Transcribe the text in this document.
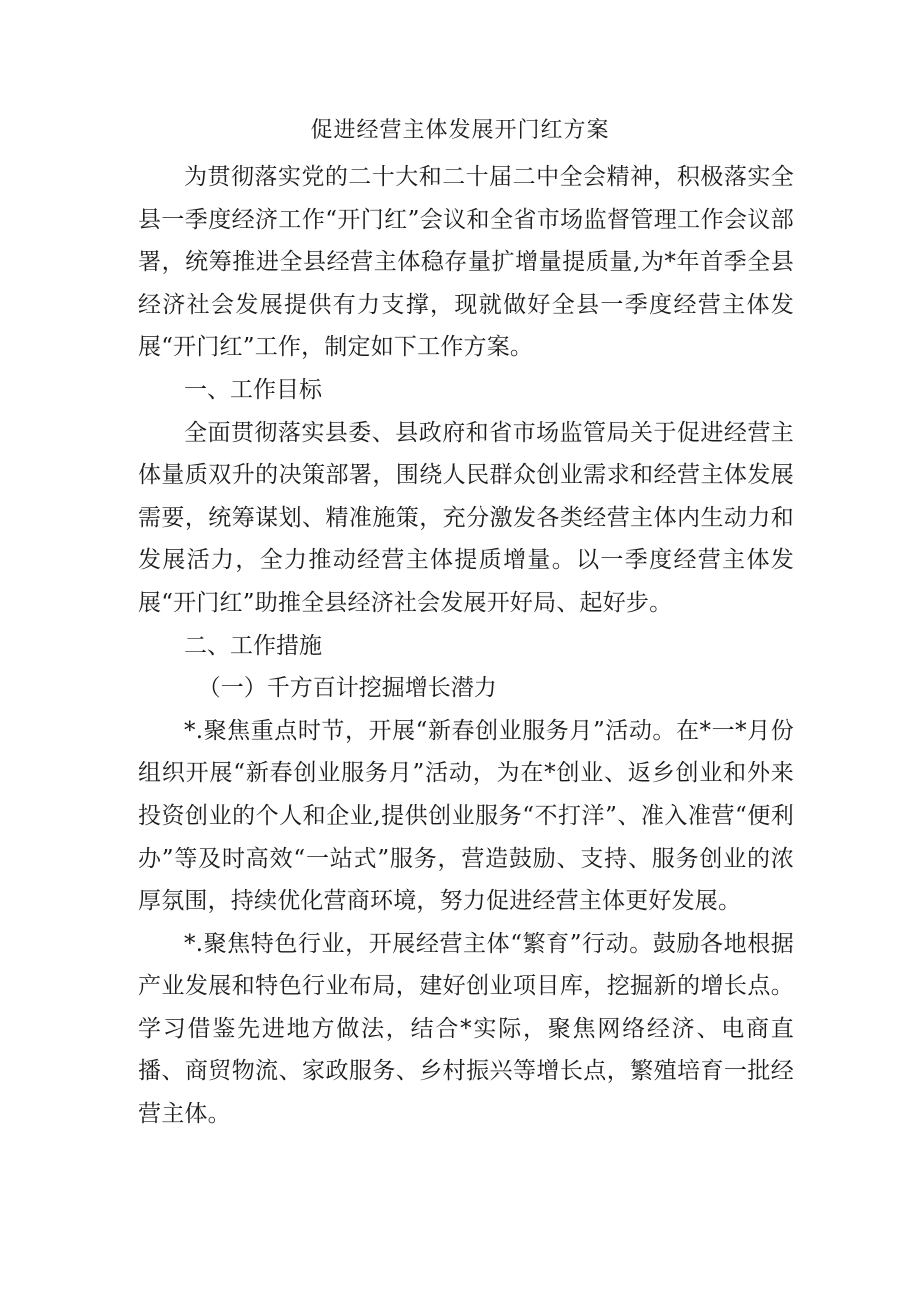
促进经营主体发展开门红方案

为贯彻落实党的二十大和二十届二中全会精神，积极落实全县一季度经济工作“开门红”会议和全省市场监督管理工作会议部署，统筹推进全县经营主体稳存量扩增量提质量,为*年首季全县经济社会发展提供有力支撑，现就做好全县一季度经营主体发展“开门红”工作，制定如下工作方案。

一、工作目标

全面贯彻落实县委、县政府和省市场监管局关于促进经营主体量质双升的决策部署，围绕人民群众创业需求和经营主体发展需要，统筹谋划、精准施策，充分激发各类经营主体内生动力和发展活力，全力推动经营主体提质增量。以一季度经营主体发展“开门红”助推全县经济社会发展开好局、起好步。

二、工作措施

（一）千方百计挖掘增长潜力

*.聚焦重点时节，开展“新春创业服务月”活动。在*一*月份组织开展“新春创业服务月”活动，为在*创业、返乡创业和外来投资创业的个人和企业,提供创业服务“不打洋”、准入准营“便利办”等及时高效“一站式”服务，营造鼓励、支持、服务创业的浓厚氛围，持续优化营商环境，努力促进经营主体更好发展。

*.聚焦特色行业，开展经营主体“繁育”行动。鼓励各地根据产业发展和特色行业布局，建好创业项目库，挖掘新的增长点。学习借鉴先进地方做法，结合*实际，聚焦网络经济、电商直播、商贸物流、家政服务、乡村振兴等增长点，繁殖培育一批经营主体。
